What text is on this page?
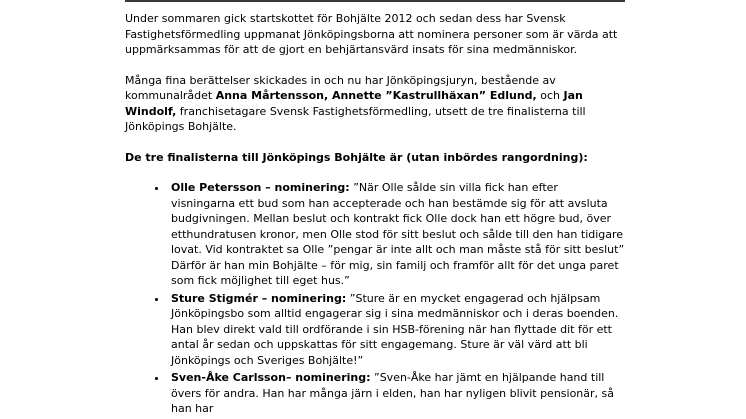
Under sommaren gick startskottet för Bohjälte 2012 och sedan dess har Svensk Fastighetsförmedling uppmanat Jönköpingsborna att nominera personer som är värda att uppmärksammas för att de gjort en behjärtansvärd insats för sina medmänniskor.

Många fina berättelser skickades in och nu har Jönköpingsjuryn, bestående av kommunalrådet Anna Mårtensson, Annette ”Kastrullhäxan” Edlund, och Jan Windolf, franchisetagare Svensk Fastighetsförmedling, utsett de tre finalisterna till Jönköpings Bohjälte.

De tre finalisterna till Jönköpings Bohjälte är (utan inbördes rangordning):

• Olle Petersson – nominering: ”När Olle sålde sin villa fick han efter visningarna ett bud som han accepterade och han bestämde sig för att avsluta budgivningen. Mellan beslut och kontrakt fick Olle dock han ett högre bud, över etthundratusen kronor, men Olle stod för sitt beslut och sålde till den han tidigare lovat. Vid kontraktet sa Olle ”pengar är inte allt och man måste stå för sitt beslut” Därför är han min Bohjälte – för mig, sin familj och framför allt för det unga paret som fick möjlighet till eget hus.”
• Sture Stigmér – nominering: ”Sture är en mycket engagerad och hjälpsam Jönköpingsbo som alltid engagerar sig i sina medmänniskor och i deras boenden. Han blev direkt vald till ordförande i sin HSB-förening när han flyttade dit för ett antal år sedan och uppskattas för sitt engagemang. Sture är väl värd att bli Jönköpings och Sveriges Bohjälte!”
• Sven-Åke Carlsson– nominering: ”Sven-Åke har jämt en hjälpande hand till övers för andra. Han har många järn i elden, han har nyligen blivit pensionär, så han har
